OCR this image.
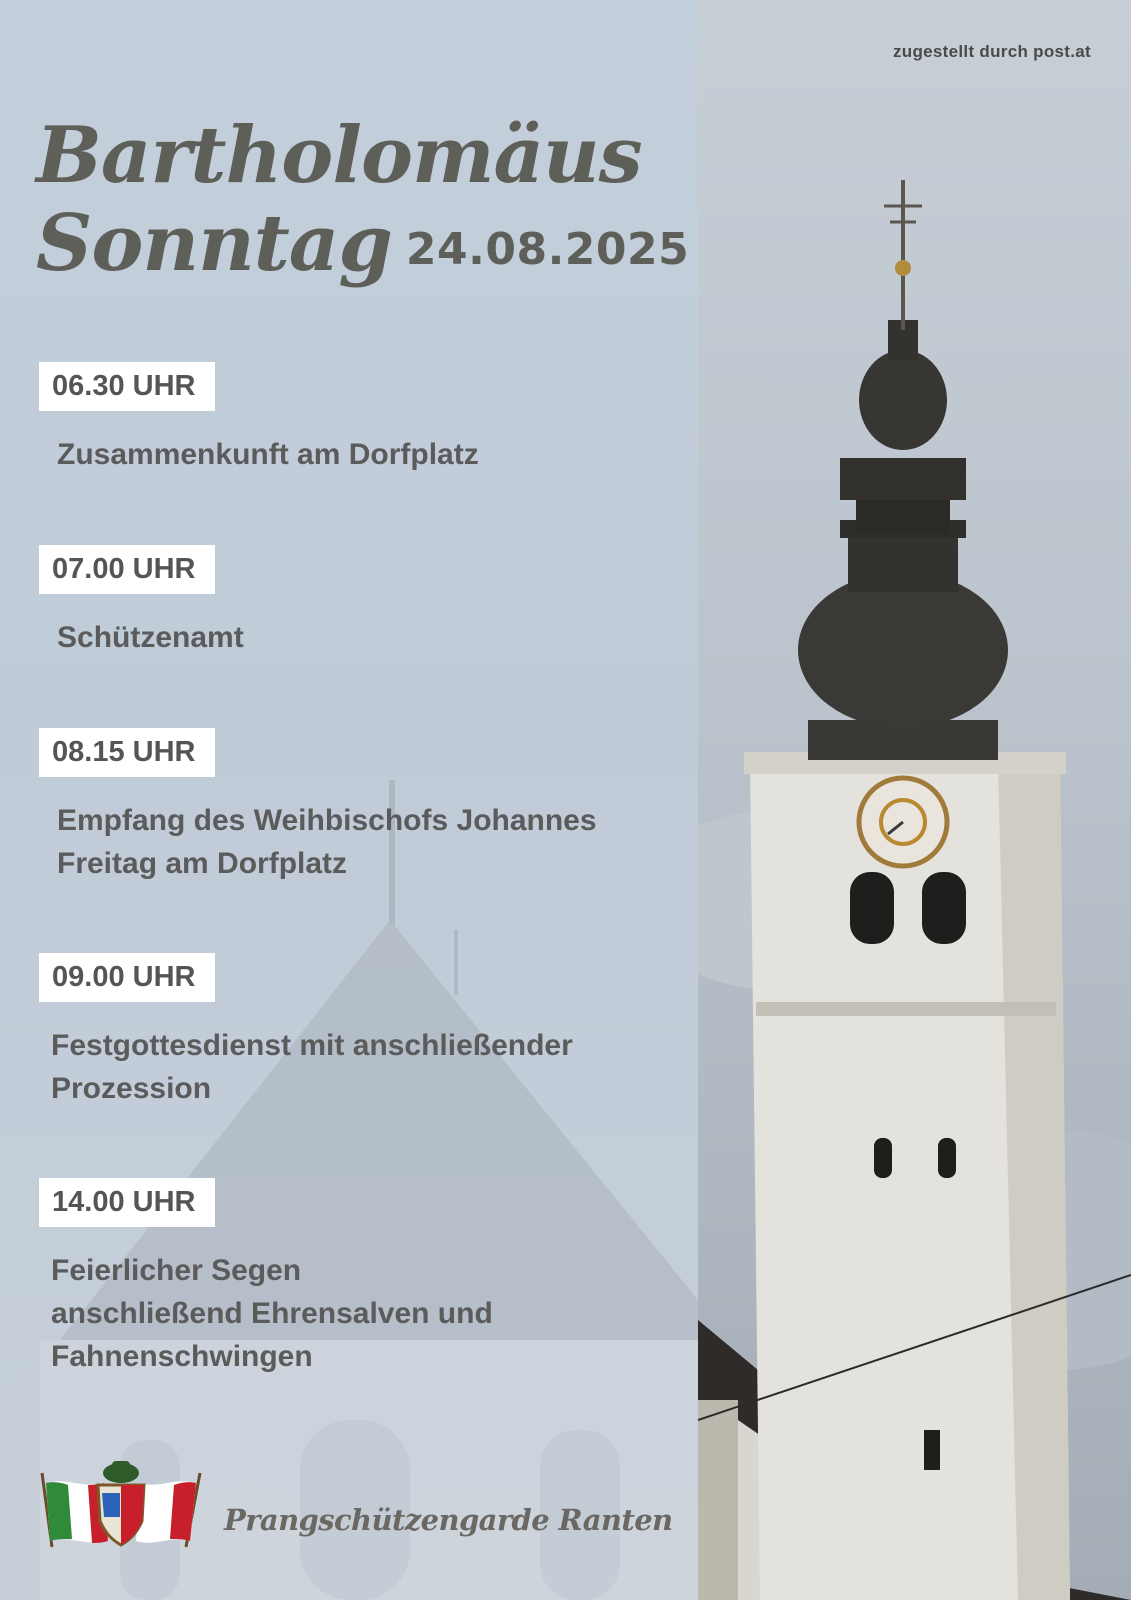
zugestellt durch post.at
Bartholomäus
Sonntag 24.08.2025
06.30 UHR
Zusammenkunft am Dorfplatz
07.00 UHR
Schützenamt
08.15 UHR
Empfang des Weihbischofs Johannes
Freitag am Dorfplatz
09.00 UHR
Festgottesdienst mit anschließender
Prozession
14.00 UHR
Feierlicher Segen
anschließend Ehrensalven und
Fahnenschwingen
Prangschützengarde Ranten
